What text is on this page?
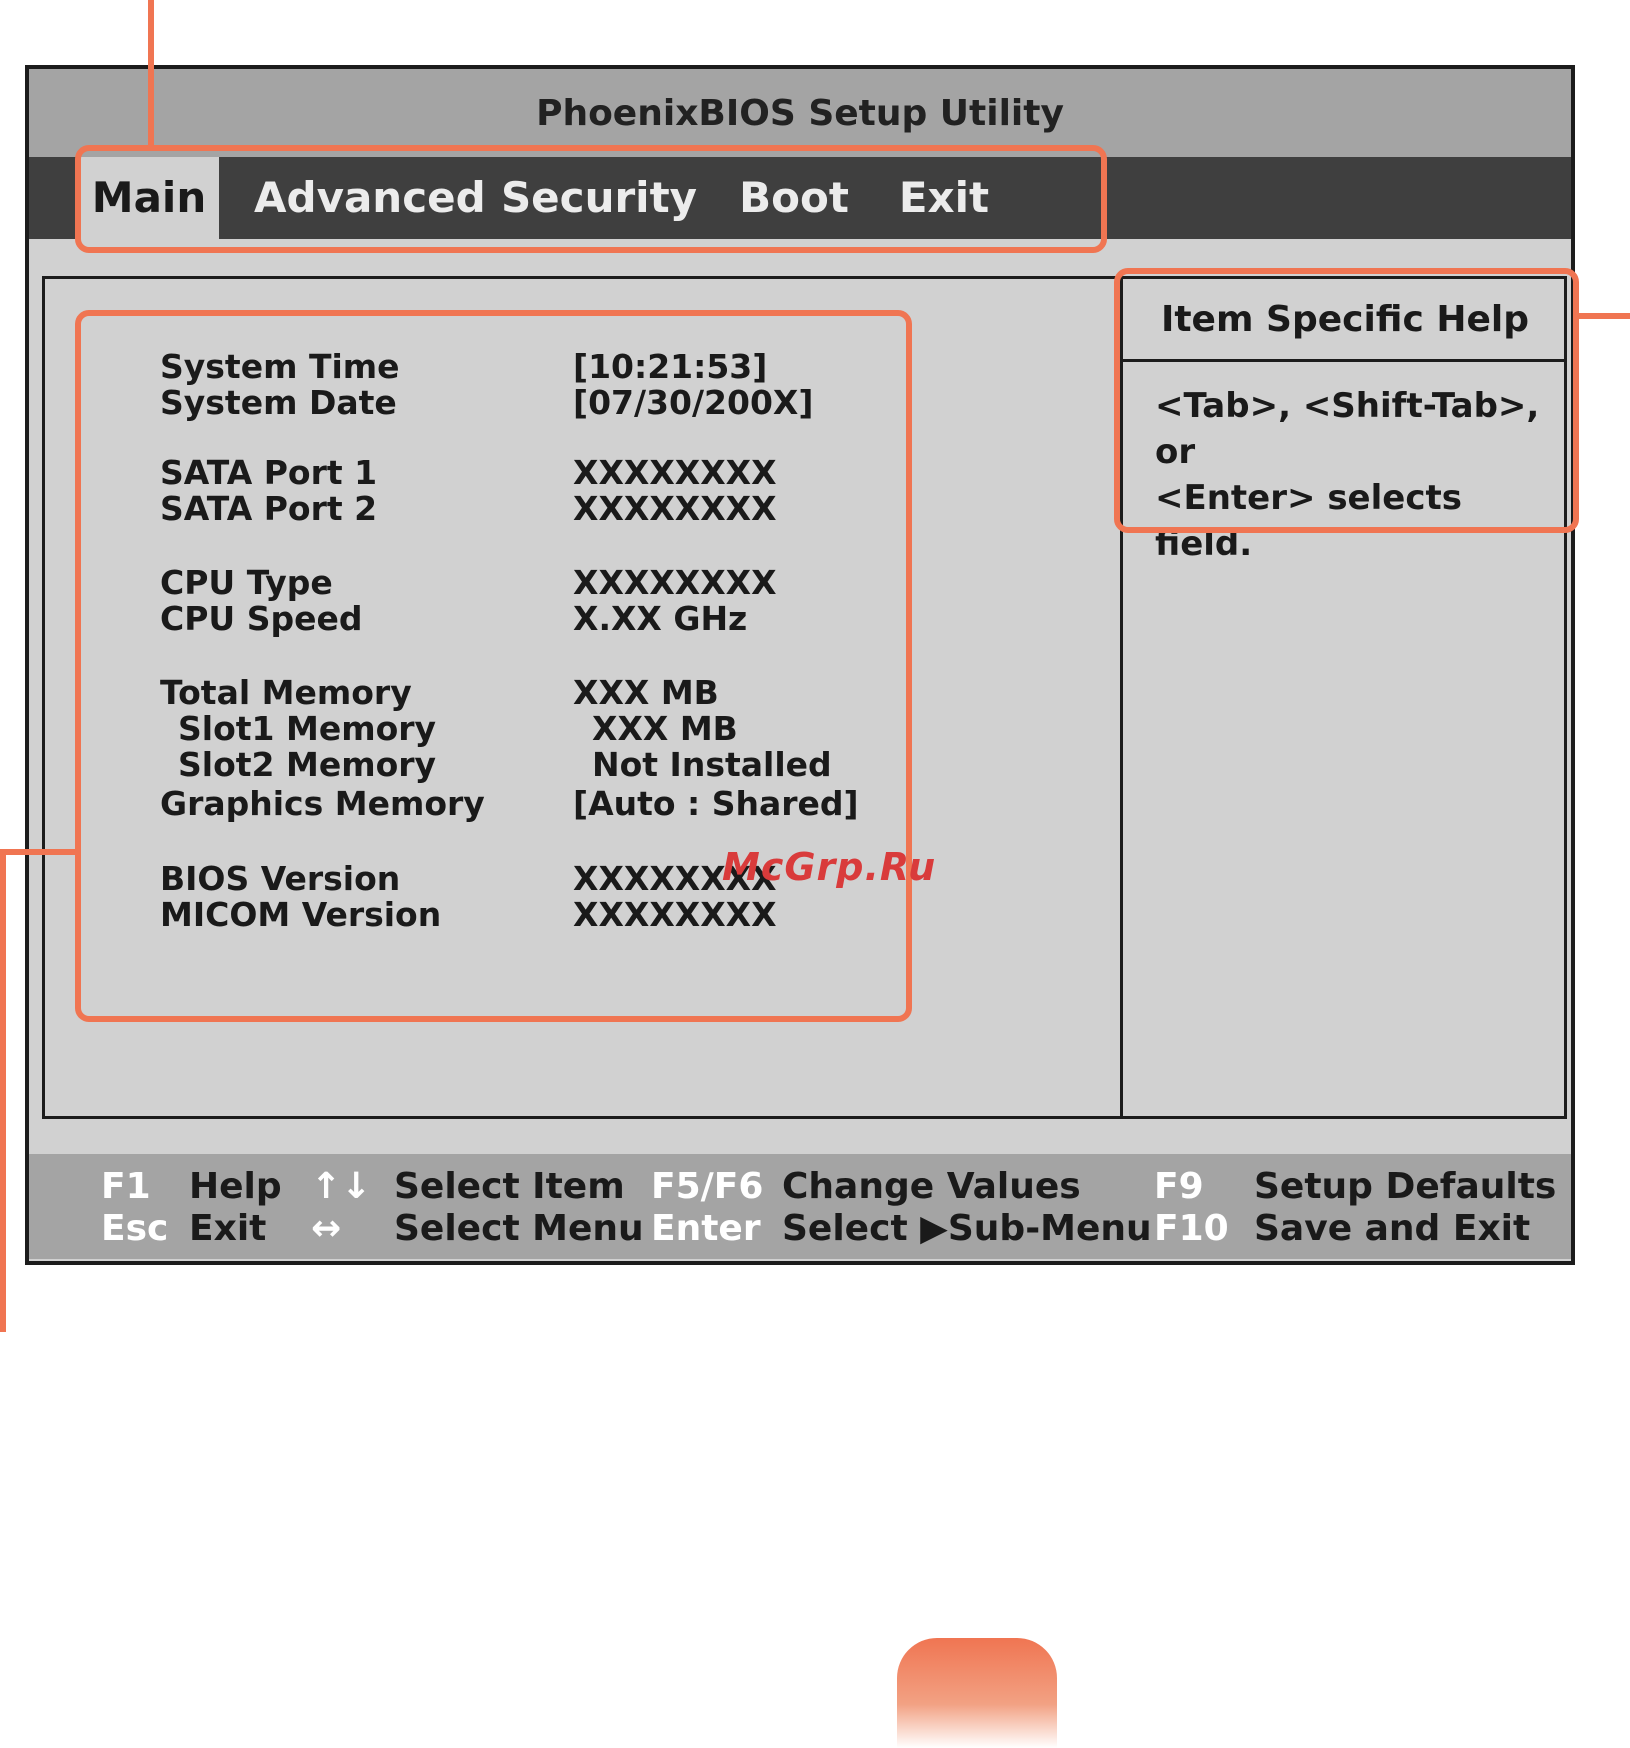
PhoenixBIOS Setup Utility
Main	Advanced Security Boot Exit
System Time	[10:21:53]
System Date	[07/30/200X]
SATA Port 1	XXXXXXXX
SATA Port 2	XXXXXXXX
CPU Type	XXXXXXXX
CPU Speed	X.XX GHz
Total Memory	XXX MB
Slot1 Memory	XXX MB
Slot2 Memory	Not Installed
Graphics Memory	[Auto : Shared]
BIOS Version	XXXXXXXX
MICOM Version	XXXXXXXX
Item Specific Help
<Tab>, <Shift-Tab>, or
<Enter> selects field.
F1 Help
Esc Exit
↑↓ Select Item
↔ Select Menu
F5/F6 Change Values
Enter Select ▶Sub-Menu
F9 Setup Defaults
F10 Save and Exit
McGrp.Ru
